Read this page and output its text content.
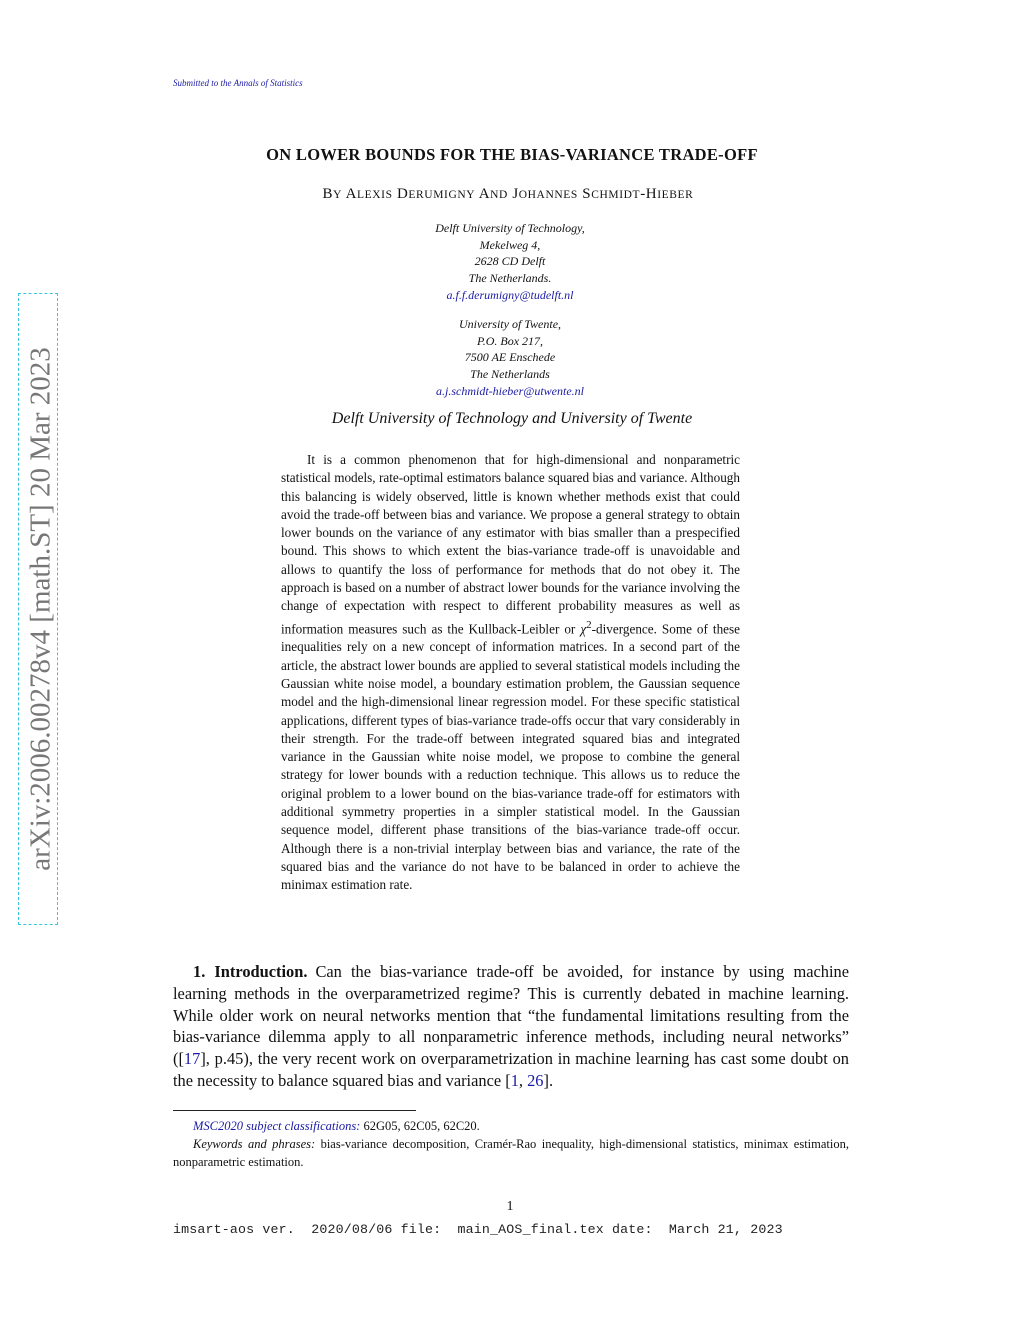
Submitted to the Annals of Statistics
arXiv:2006.00278v4 [math.ST] 20 Mar 2023
ON LOWER BOUNDS FOR THE BIAS-VARIANCE TRADE-OFF
BY ALEXIS DERUMIGNY AND JOHANNES SCHMIDT-HIEBER
Delft University of Technology,
Mekelweg 4,
2628 CD Delft
The Netherlands.
a.f.f.derumigny@tudelft.nl
University of Twente,
P.O. Box 217,
7500 AE Enschede
The Netherlands
a.j.schmidt-hieber@utwente.nl
Delft University of Technology and University of Twente

It is a common phenomenon that for high-dimensional and nonparametric statistical models, rate-optimal estimators balance squared bias and variance. Although this balancing is widely observed, little is known whether methods exist that could avoid the trade-off between bias and variance. We propose a general strategy to obtain lower bounds on the variance of any estimator with bias smaller than a prespecified bound. This shows to which extent the bias-variance trade-off is unavoidable and allows to quantify the loss of performance for methods that do not obey it. The approach is based on a number of abstract lower bounds for the variance involving the change of expectation with respect to different probability measures as well as information measures such as the Kullback-Leibler or $\chi^2$-divergence. Some of these inequalities rely on a new concept of information matrices. In a second part of the article, the abstract lower bounds are applied to several statistical models including the Gaussian white noise model, a boundary estimation problem, the Gaussian sequence model and the high-dimensional linear regression model. For these specific statistical applications, different types of bias-variance trade-offs occur that vary considerably in their strength. For the trade-off between integrated squared bias and integrated variance in the Gaussian white noise model, we propose to combine the general strategy for lower bounds with a reduction technique. This allows us to reduce the original problem to a lower bound on the bias-variance trade-off for estimators with additional symmetry properties in a simpler statistical model. In the Gaussian sequence model, different phase transitions of the bias-variance trade-off occur. Although there is a non-trivial interplay between bias and variance, the rate of the squared bias and the variance do not have to be balanced in order to achieve the minimax estimation rate.

1. Introduction. Can the bias-variance trade-off be avoided, for instance by using machine learning methods in the overparametrized regime? This is currently debated in machine learning. While older work on neural networks mention that “the fundamental limitations resulting from the bias-variance dilemma apply to all nonparametric inference methods, including neural networks” ([17], p.45), the very recent work on overparametrization in machine learning has cast some doubt on the necessity to balance squared bias and variance [1, 26].

MSC2020 subject classifications: 62G05, 62C05, 62C20.

Keywords and phrases: bias-variance decomposition, Cramér-Rao inequality, high-dimensional statistics, minimax estimation, nonparametric estimation.

1
imsart-aos ver.  2020/08/06 file:  main_AOS_final.tex date:  March 21, 2023
